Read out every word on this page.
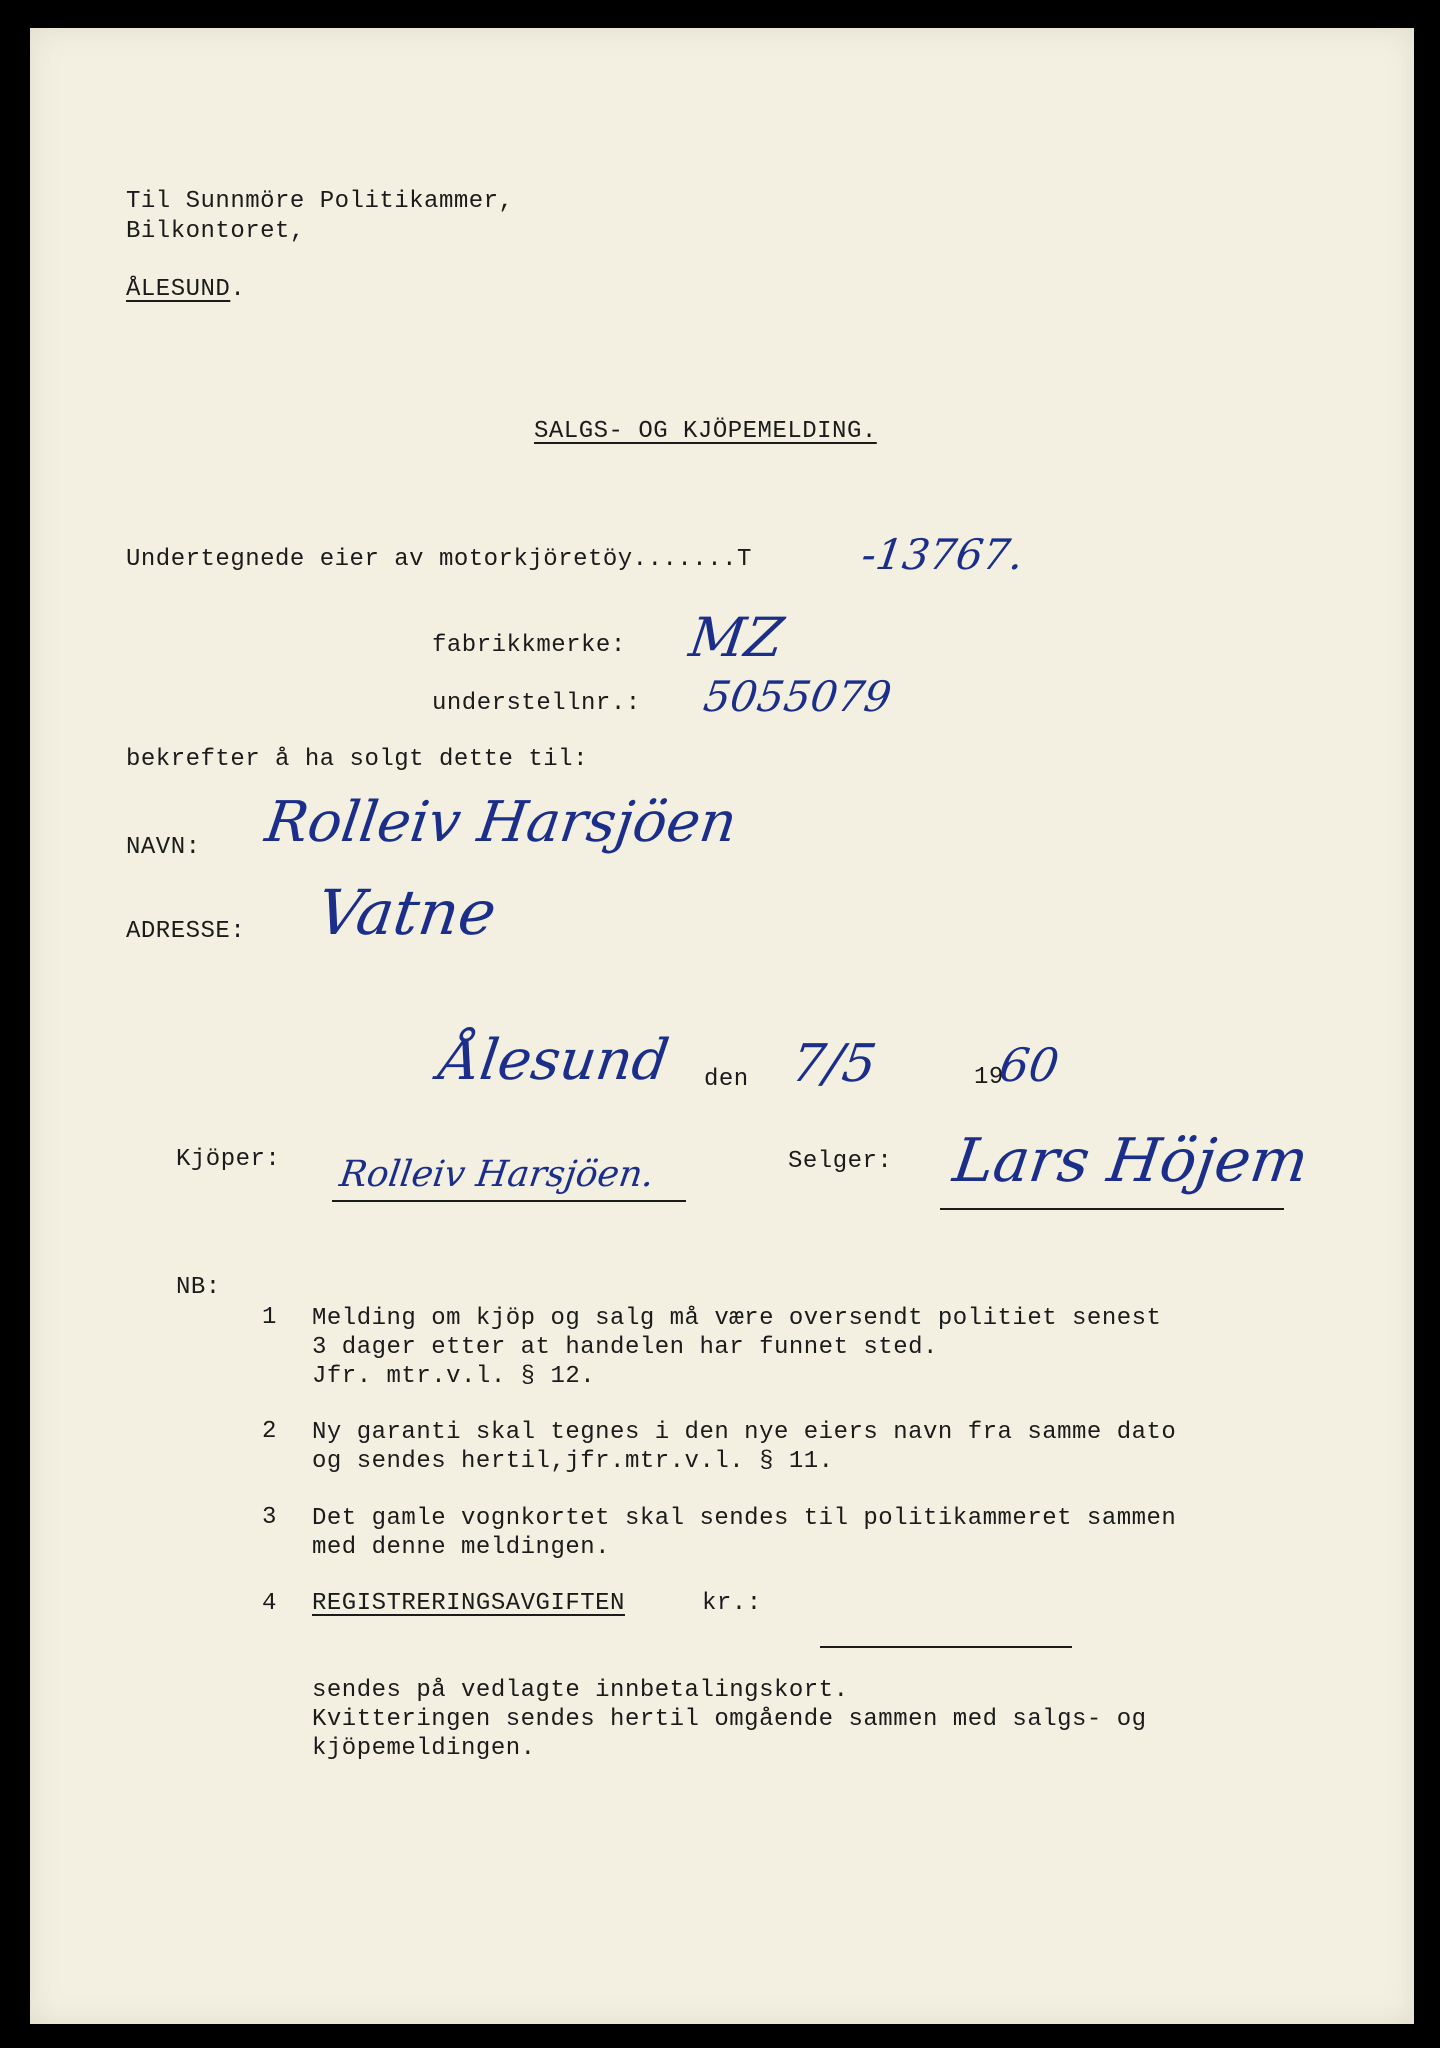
Til Sunnmöre Politikammer,
Bilkontoret,
ÅLESUND.
SALGS- OG KJÖPEMELDING.
Undertegnede eier av motorkjöretöy.......T	-13767.
fabrikkmerke: MZ
understellnr.: 5055079
bekrefter å ha solgt dette til:
NAVN: Rolleiv Harsjöen
ADRESSE: Vatne
Ålesund den 7/5	19
60
Kjöper: Rolleiv Harsjöen.	Selger: Lars Höjem
NB:
1 Melding om kjöp og salg må være oversendt politiet senest
3 dager etter at handelen har funnet sted.
Jfr. mtr.v.l. § 12.
2 Ny garanti skal tegnes i den nye eiers navn fra samme dato
og sendes hertil,jfr.mtr.v.l. § 11.
3 Det gamle vognkortet skal sendes til politikammeret sammen
med denne meldingen.
4 REGISTRERINGSAVGIFTEN	kr.:
sendes på vedlagte innbetalingskort.
Kvitteringen sendes hertil omgående sammen med salgs- og
kjöpemeldingen.
